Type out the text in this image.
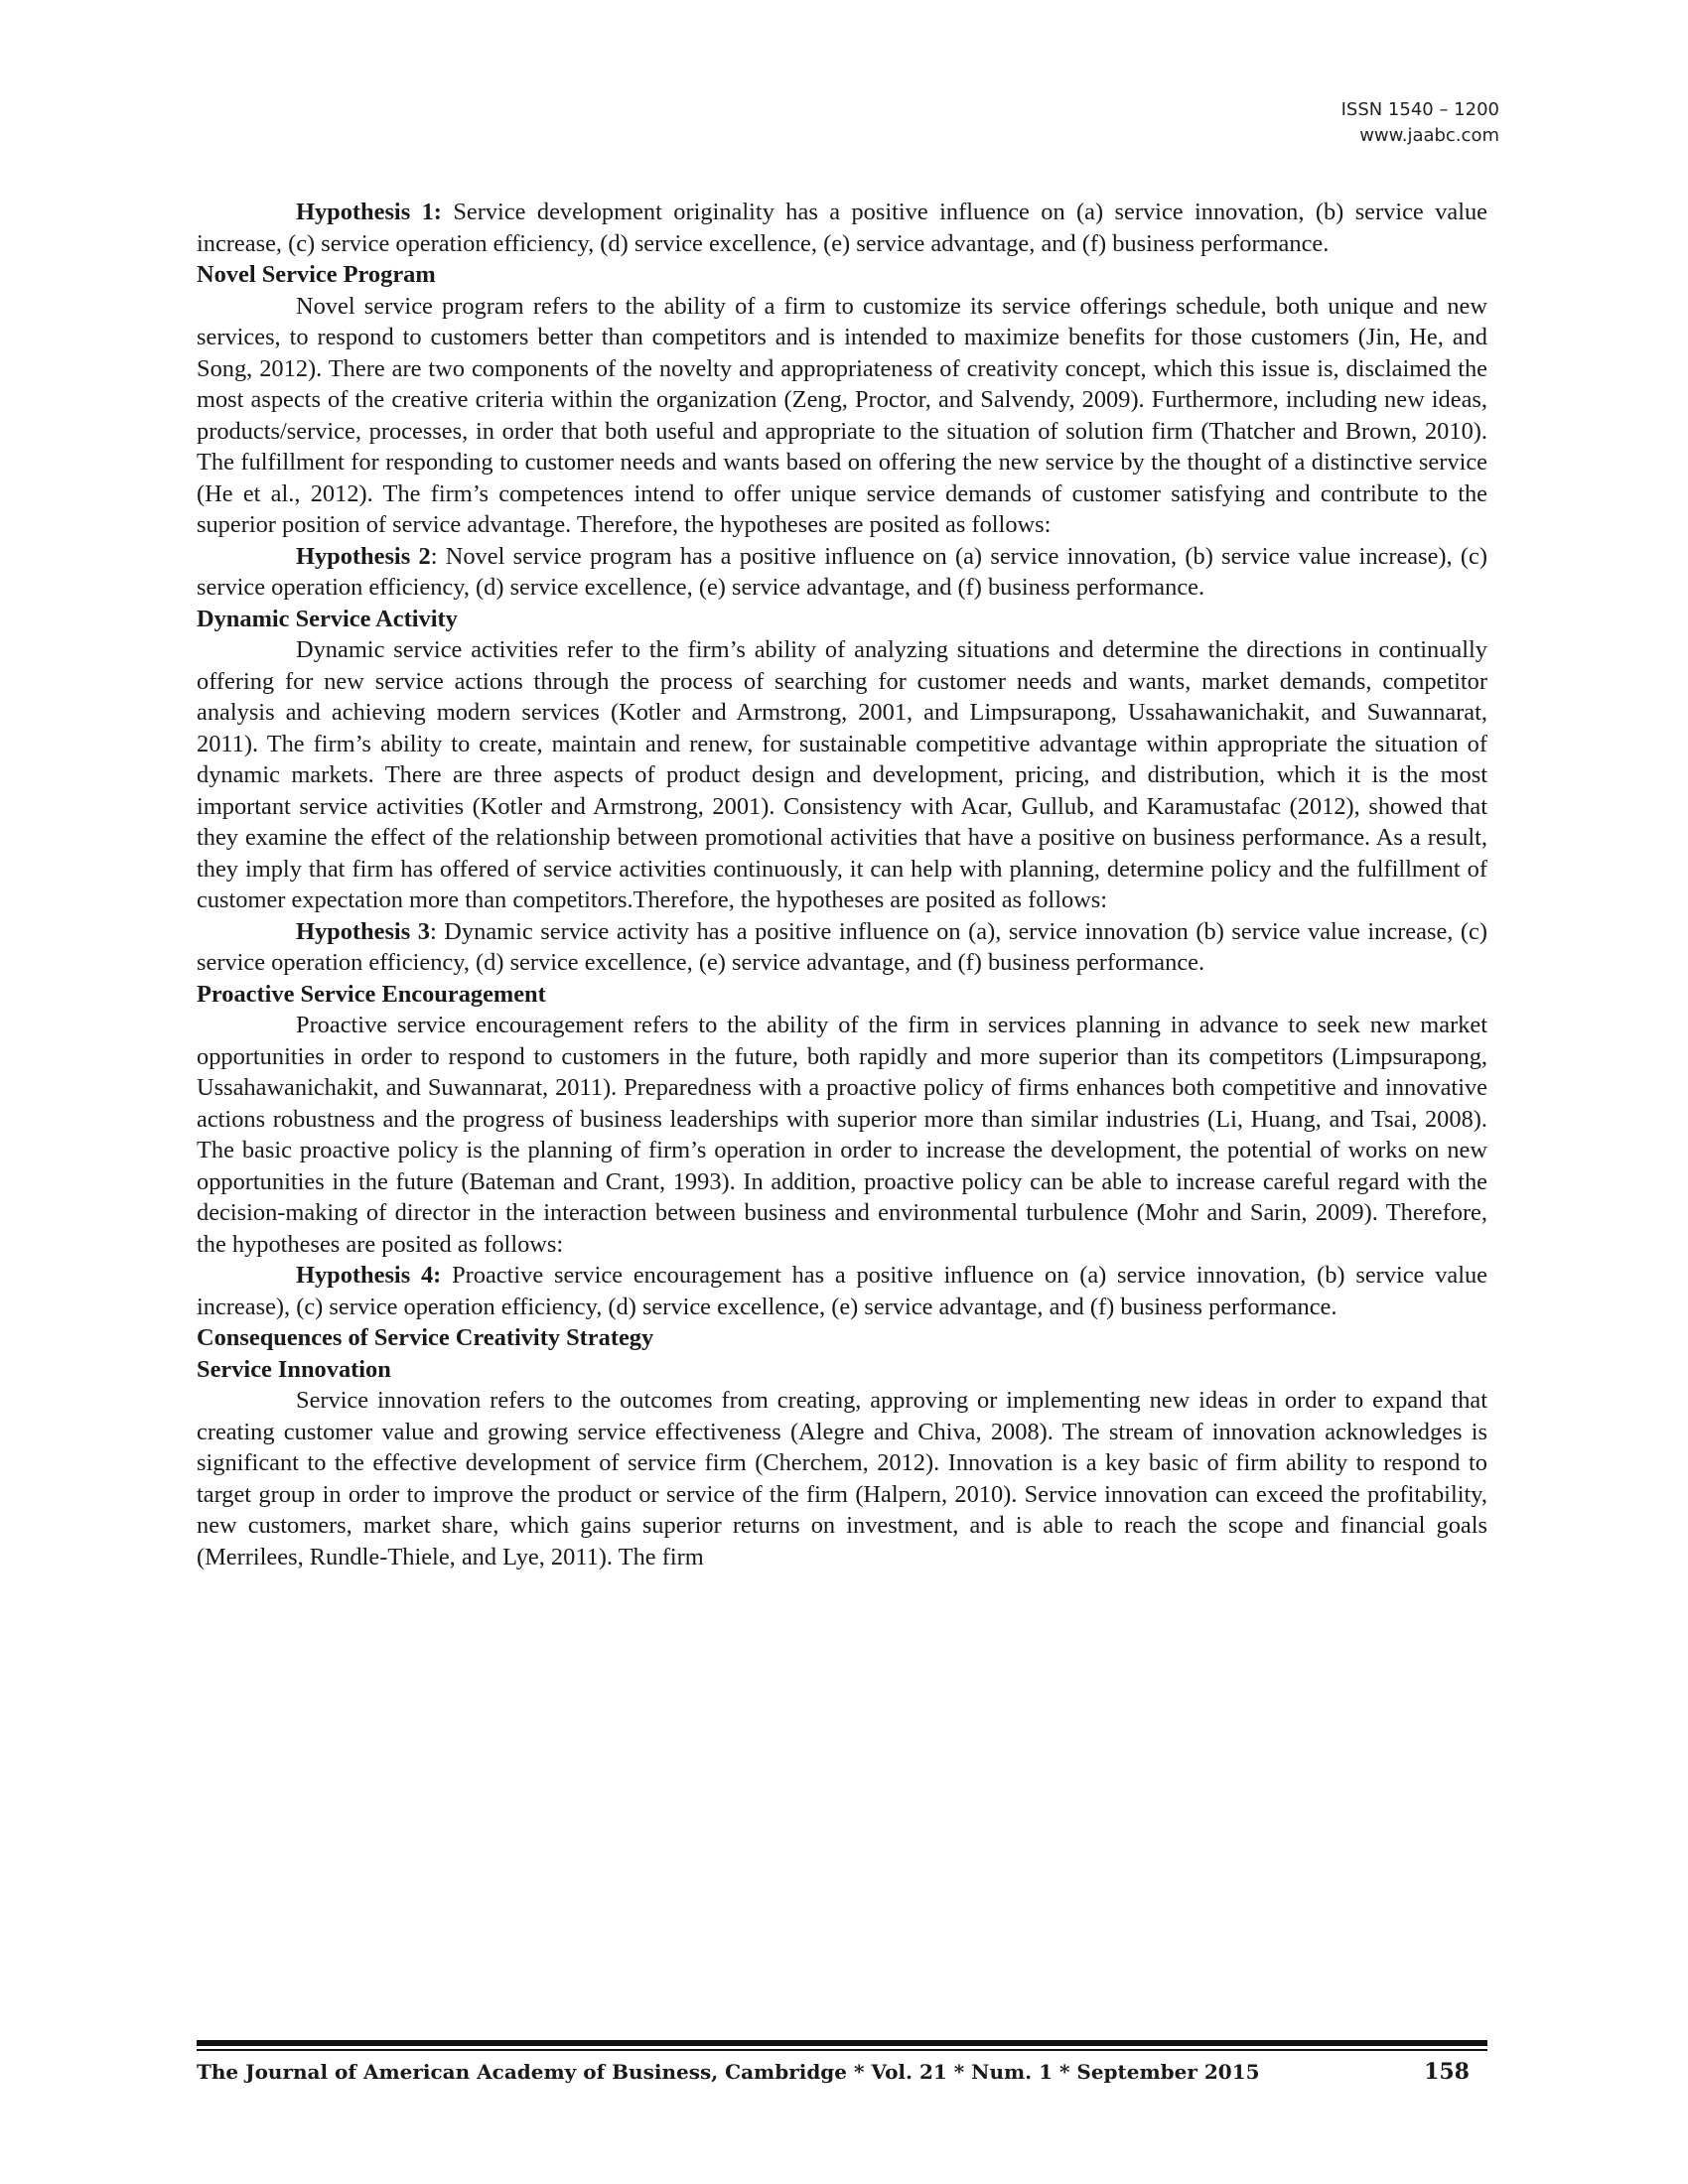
ISSN 1540 – 1200
www.jaabc.com

Hypothesis 1: Service development originality has a positive influence on (a) service innovation, (b) service value increase, (c) service operation efficiency, (d) service excellence, (e) service advantage, and (f) business performance.

Novel Service Program

Novel service program refers to the ability of a firm to customize its service offerings schedule, both unique and new services, to respond to customers better than competitors and is intended to maximize benefits for those customers (Jin, He, and Song, 2012). There are two components of the novelty and appropriateness of creativity concept, which this issue is, disclaimed the most aspects of the creative criteria within the organization (Zeng, Proctor, and Salvendy, 2009). Furthermore, including new ideas, products/service, processes, in order that both useful and appropriate to the situation of solution firm (Thatcher and Brown, 2010). The fulfillment for responding to customer needs and wants based on offering the new service by the thought of a distinctive service (He et al., 2012). The firm’s competences intend to offer unique service demands of customer satisfying and contribute to the superior position of service advantage. Therefore, the hypotheses are posited as follows:

Hypothesis 2: Novel service program has a positive influence on (a) service innovation, (b) service value increase), (c) service operation efficiency, (d) service excellence, (e) service advantage, and (f) business performance.

Dynamic Service Activity

Dynamic service activities refer to the firm’s ability of analyzing situations and determine the directions in continually offering for new service actions through the process of searching for customer needs and wants, market demands, competitor analysis and achieving modern services (Kotler and Armstrong, 2001, and Limpsurapong, Ussahawanichakit, and Suwannarat, 2011). The firm’s ability to create, maintain and renew, for sustainable competitive advantage within appropriate the situation of dynamic markets. There are three aspects of product design and development, pricing, and distribution, which it is the most important service activities (Kotler and Armstrong, 2001). Consistency with Acar, Gullub, and Karamustafac (2012), showed that they examine the effect of the relationship between promotional activities that have a positive on business performance. As a result, they imply that firm has offered of service activities continuously, it can help with planning, determine policy and the fulfillment of customer expectation more than competitors.Therefore, the hypotheses are posited as follows:

Hypothesis 3: Dynamic service activity has a positive influence on (a), service innovation (b) service value increase, (c) service operation efficiency, (d) service excellence, (e) service advantage, and (f) business performance.

Proactive Service Encouragement

Proactive service encouragement refers to the ability of the firm in services planning in advance to seek new market opportunities in order to respond to customers in the future, both rapidly and more superior than its competitors (Limpsurapong, Ussahawanichakit, and Suwannarat, 2011). Preparedness with a proactive policy of firms enhances both competitive and innovative actions robustness and the progress of business leaderships with superior more than similar industries (Li, Huang, and Tsai, 2008). The basic proactive policy is the planning of firm’s operation in order to increase the development, the potential of works on new opportunities in the future (Bateman and Crant, 1993). In addition, proactive policy can be able to increase careful regard with the decision-making of director in the interaction between business and environmental turbulence (Mohr and Sarin, 2009). Therefore, the hypotheses are posited as follows:

Hypothesis 4: Proactive service encouragement has a positive influence on (a) service innovation, (b) service value increase), (c) service operation efficiency, (d) service excellence, (e) service advantage, and (f) business performance.

Consequences of Service Creativity Strategy

Service Innovation

Service innovation refers to the outcomes from creating, approving or implementing new ideas in order to expand that creating customer value and growing service effectiveness (Alegre and Chiva, 2008). The stream of innovation acknowledges is significant to the effective development of service firm (Cherchem, 2012). Innovation is a key basic of firm ability to respond to target group in order to improve the product or service of the firm (Halpern, 2010). Service innovation can exceed the profitability, new customers, market share, which gains superior returns on investment, and is able to reach the scope and financial goals (Merrilees, Rundle-Thiele, and Lye, 2011). The firm

The Journal of American Academy of Business, Cambridge * Vol. 21 * Num. 1 * September 2015	158
